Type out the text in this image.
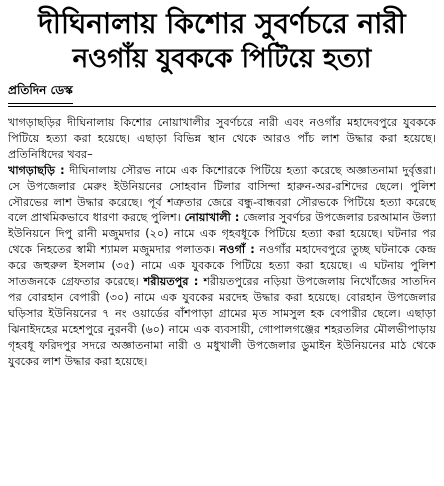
দীঘিনালায় কিশোর সুবর্ণচরে নারী
নওগাঁয় যুবককে পিটিয়ে হত্যা
প্রতিদিন ডেস্ক
খাগড়াছড়ির দীঘিনালায় কিশোর নোয়াখালীর সুবর্ণচরে নারী এবং নওগাঁর মহাদেবপুরে যুবককে পিটিয়ে হত্যা করা হয়েছে। এছাড়া বিভিন্ন স্থান থেকে আরও পাঁচ লাশ উদ্ধার করা হয়েছে। প্রতিনিধিদের খবর–
খাগড়াছড়ি : দীঘিনালায় সৌরভ নামে এক কিশোরকে পিটিয়ে হত্যা করেছে অজ্ঞাতনামা দুর্বৃত্তরা। সে উপজেলার মেরুং ইউনিয়নের সোহবান টিলার বাসিন্দা হারুন-অর-রশিদের ছেলে। পুলিশ সৌরভের লাশ উদ্ধার করেছে। পূর্ব শত্রুতার জেরে বন্ধু-বান্ধবরা সৌরভকে পিটিয়ে হত্যা করেছে বলে প্রাথমিকভাবে ধারণা করছে পুলিশ। নোয়াখালী : জেলার সুবর্ণচর উপজেলার চরআমান উল্যা ইউনিয়নে দিপু রানী মজুমদার (২০) নামে এক গৃহবধূকে পিটিয়ে হত্যা করা হয়েছে। ঘটনার পর থেকে নিহতের স্বামী শ্যামল মজুমদার পলাতক। নওগাঁ : নওগাঁর মহাদেবপুরে তুচ্ছ ঘটনাকে কেন্দ্র করে জহুরুল ইসলাম (৩৫) নামে এক যুবককে পিটিয়ে হত্যা করা হয়েছে। এ ঘটনায় পুলিশ সাতজনকে গ্রেফতার করেছে। শরীয়তপুর : শরীয়তপুরের নড়িয়া উপজেলায় নিখোঁজের সাতদিন পর বোরহান বেপারী (৩০) নামে এক যুবকের মরদেহ উদ্ধার করা হয়েছে। বোরহান উপজেলার ঘড়িসার ইউনিয়নের ৭ নং ওয়ার্ডের বাঁশপাড়া গ্রামের মৃত সামসুল হক বেপারীর ছেলে। এছাড়া ঝিনাইদহের মহেশপুরে নুরনবী (৬০) নামে এক ব্যবসায়ী, গোপালগঞ্জের শহরতলির মৌলভীপাড়ায় গৃহবধূ ফরিদপুর সদরে অজ্ঞাতনামা নারী ও মধুখালী উপজেলার ডুমাইন ইউনিয়নের মাঠ থেকে যুবকের লাশ উদ্ধার করা হয়েছে।
